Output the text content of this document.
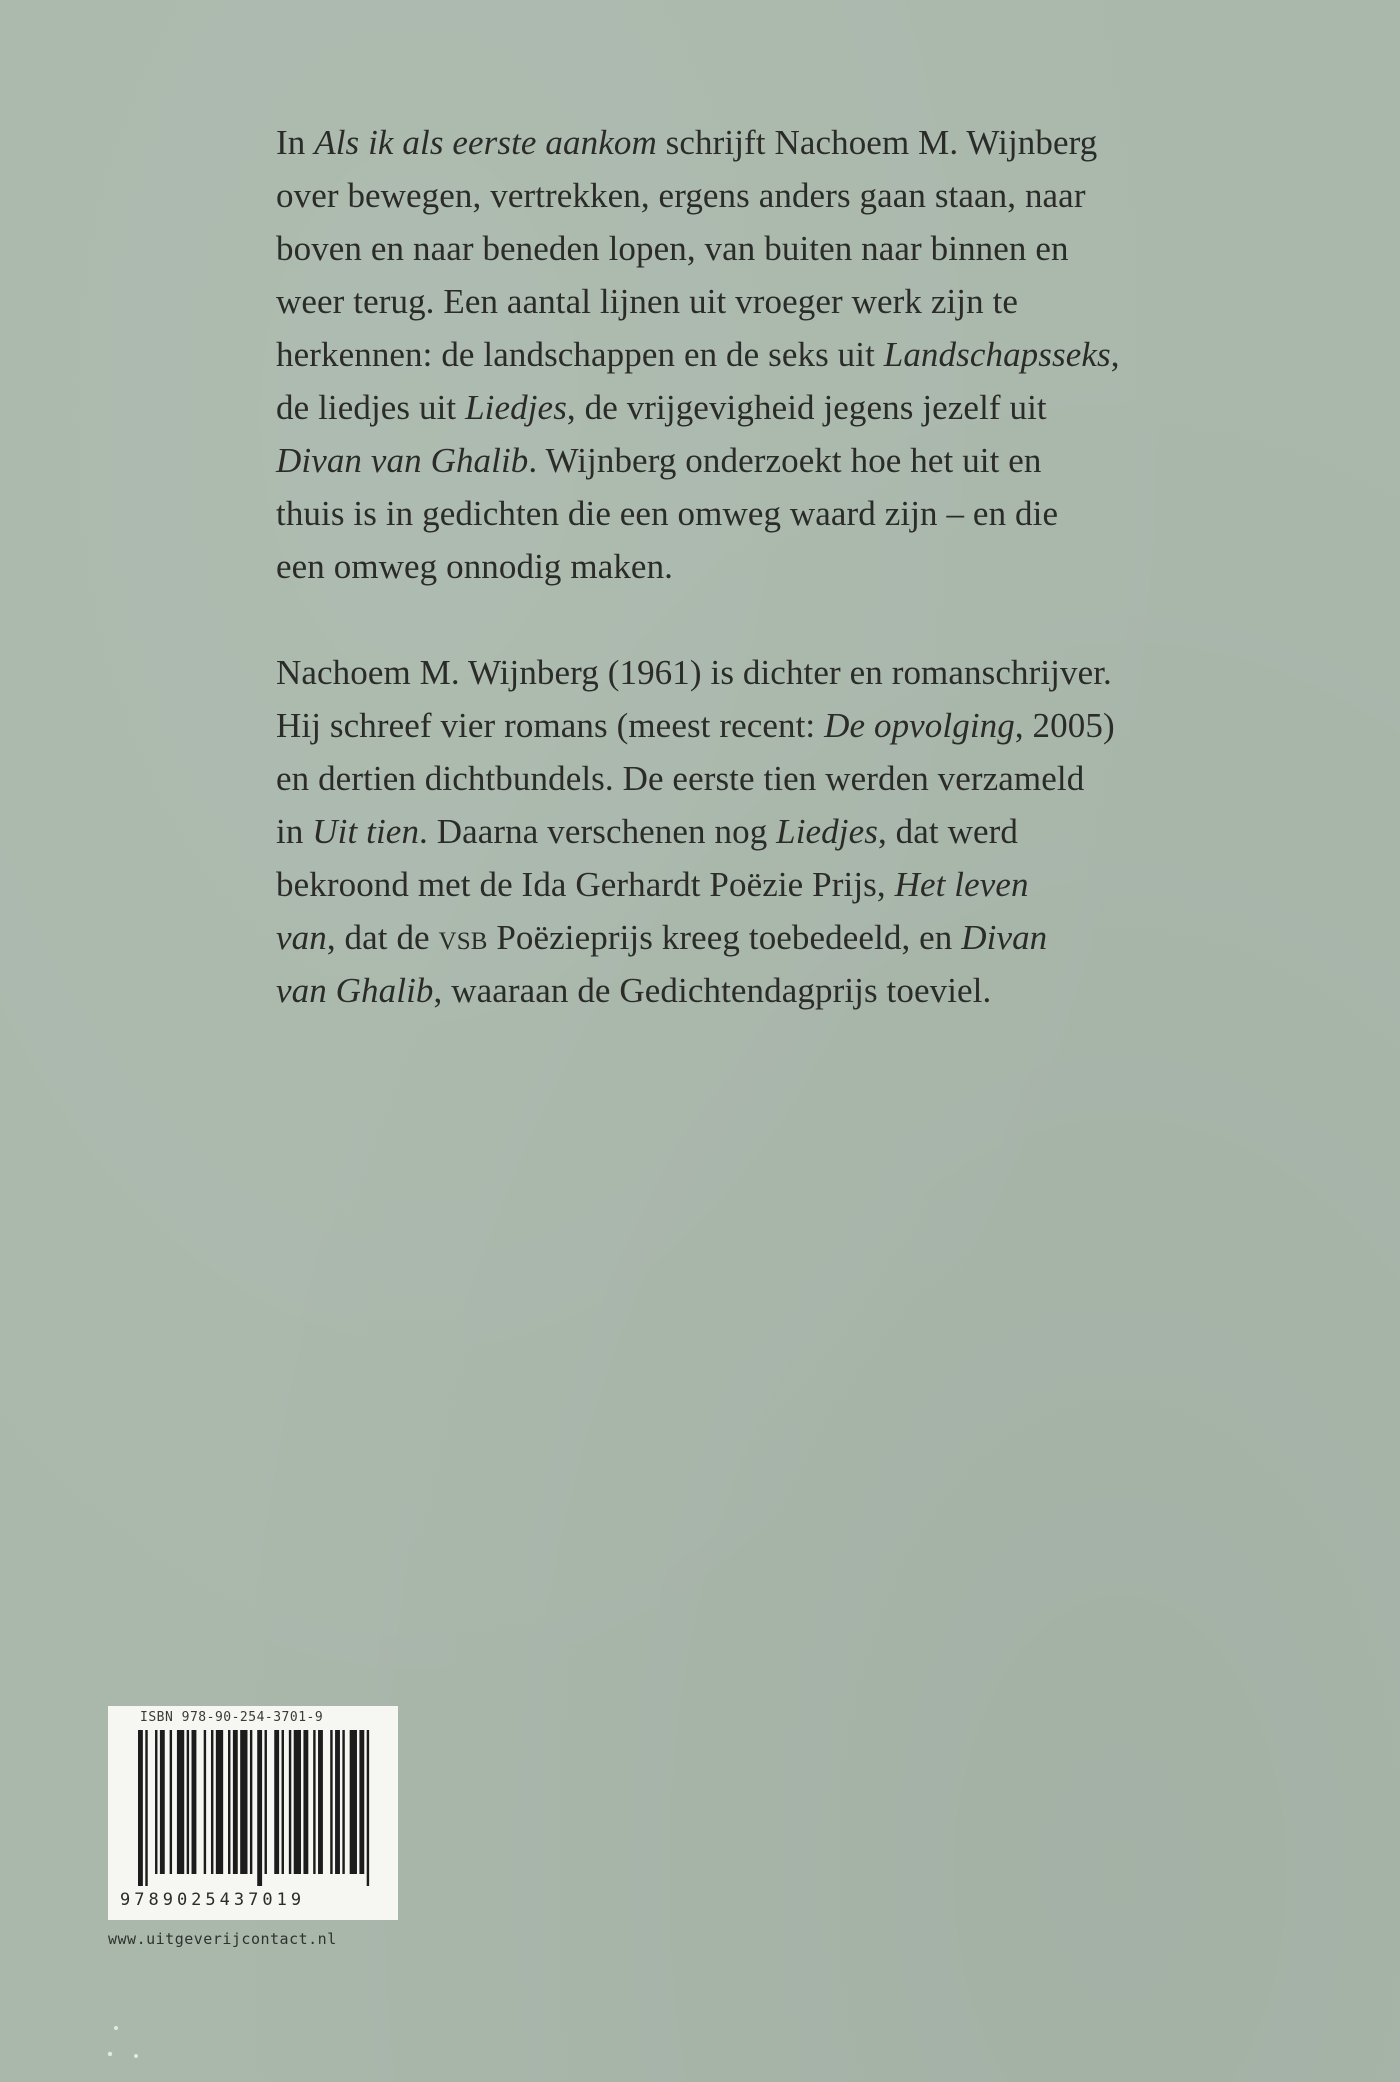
In Als ik als eerste aankom schrijft Nachoem M. Wijnberg
over bewegen, vertrekken, ergens anders gaan staan, naar
boven en naar beneden lopen, van buiten naar binnen en
weer terug. Een aantal lijnen uit vroeger werk zijn te
herkennen: de landschappen en de seks uit Landschapsseks,
de liedjes uit Liedjes, de vrijgevigheid jegens jezelf uit
Divan van Ghalib. Wijnberg onderzoekt hoe het uit en
thuis is in gedichten die een omweg waard zijn – en die
een omweg onnodig maken.
Nachoem M. Wijnberg (1961) is dichter en romanschrijver.
Hij schreef vier romans (meest recent: De opvolging, 2005)
en dertien dichtbundels. De eerste tien werden verzameld
in Uit tien. Daarna verschenen nog Liedjes, dat werd
bekroond met de Ida Gerhardt Poëzie Prijs, Het leven
van, dat de vsb Poëzieprijs kreeg toebedeeld, en Divan
van Ghalib, waaraan de Gedichtendagprijs toeviel.
ISBN 978-90-254-3701-9
9789025437019
www.uitgeverijcontact.nl
